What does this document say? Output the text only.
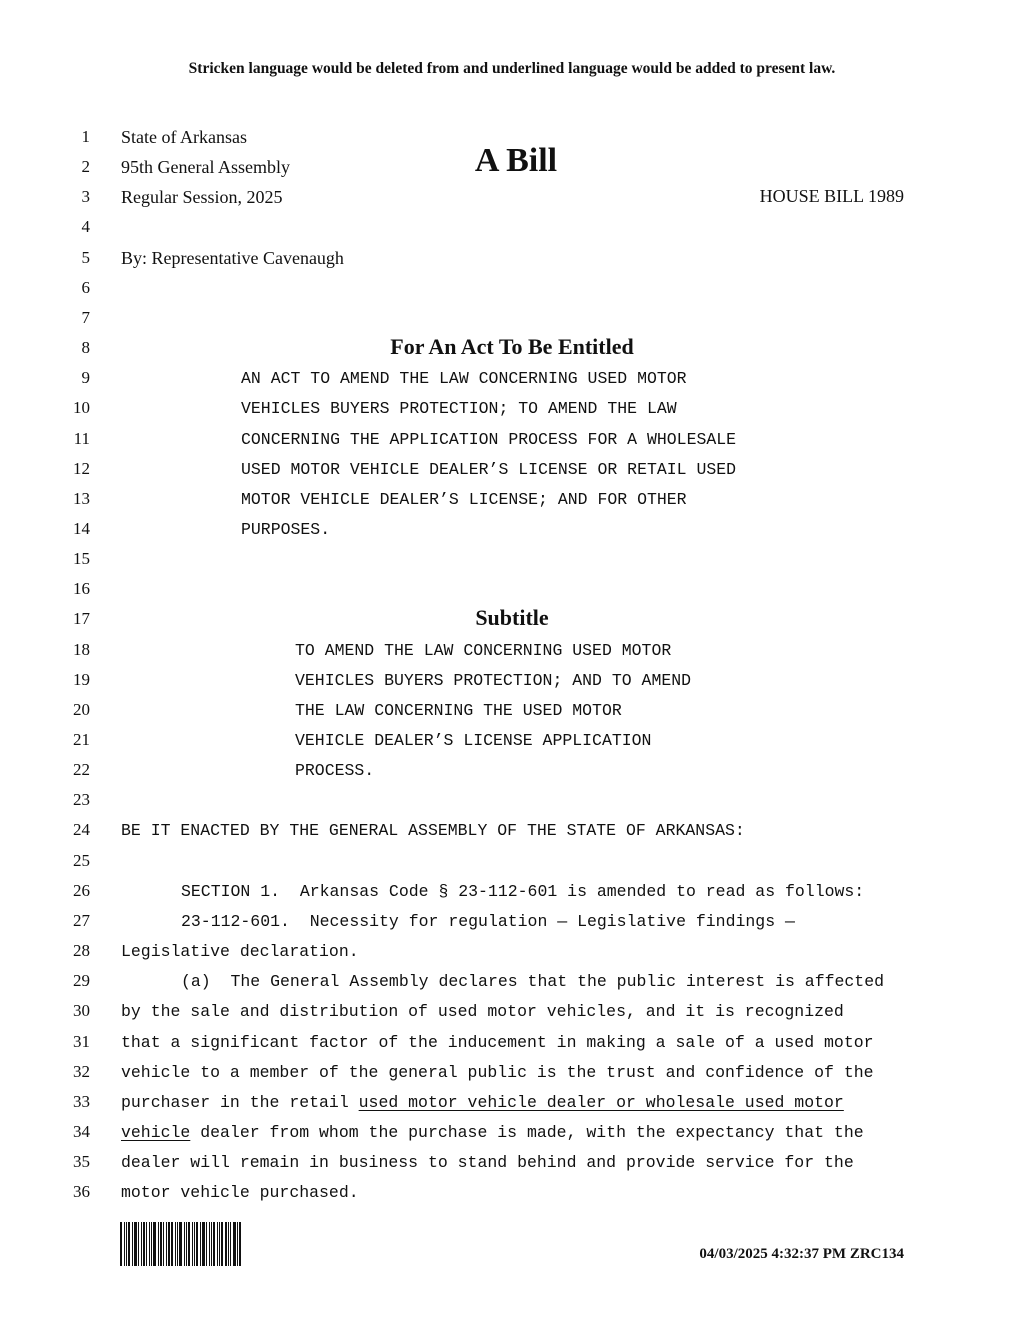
Stricken language would be deleted from and underlined language would be added to present law.
1 State of Arkansas
2 95th General Assembly
3 Regular Session, 2025
4
5 By: Representative Cavenaugh
6
7
8
9	AN ACT TO AMEND THE LAW CONCERNING USED MOTOR
10	VEHICLES BUYERS PROTECTION; TO AMEND THE LAW
11	CONCERNING THE APPLICATION PROCESS FOR A WHOLESALE
12	USED MOTOR VEHICLE DEALER’S LICENSE OR RETAIL USED
13	MOTOR VEHICLE DEALER’S LICENSE; AND FOR OTHER
14	PURPOSES.
15
16
17
18	TO AMEND THE LAW CONCERNING USED MOTOR
19	VEHICLES BUYERS PROTECTION; AND TO AMEND
20	THE LAW CONCERNING THE USED MOTOR
21	VEHICLE DEALER’S LICENSE APPLICATION
22	PROCESS.
23
24 BE IT ENACTED BY THE GENERAL ASSEMBLY OF THE STATE OF ARKANSAS:
25
26	SECTION 1.  Arkansas Code § 23-112-601 is amended to read as follows:
27	23-112-601.  Necessity for regulation — Legislative findings —
28 Legislative declaration.
29	(a)  The General Assembly declares that the public interest is affected
30 by the sale and distribution of used motor vehicles, and it is recognized
31 that a significant factor of the inducement in making a sale of a used motor
32 vehicle to a member of the general public is the trust and confidence of the
33 purchaser in the retail used motor vehicle dealer or wholesale used motor
34 vehicle dealer from whom the purchase is made, with the expectancy that the
35 dealer will remain in business to stand behind and provide service for the
36 motor vehicle purchased.
A Bill
HOUSE BILL 1989
For An Act To Be Entitled
Subtitle
04/03/2025 4:32:37 PM ZRC134
